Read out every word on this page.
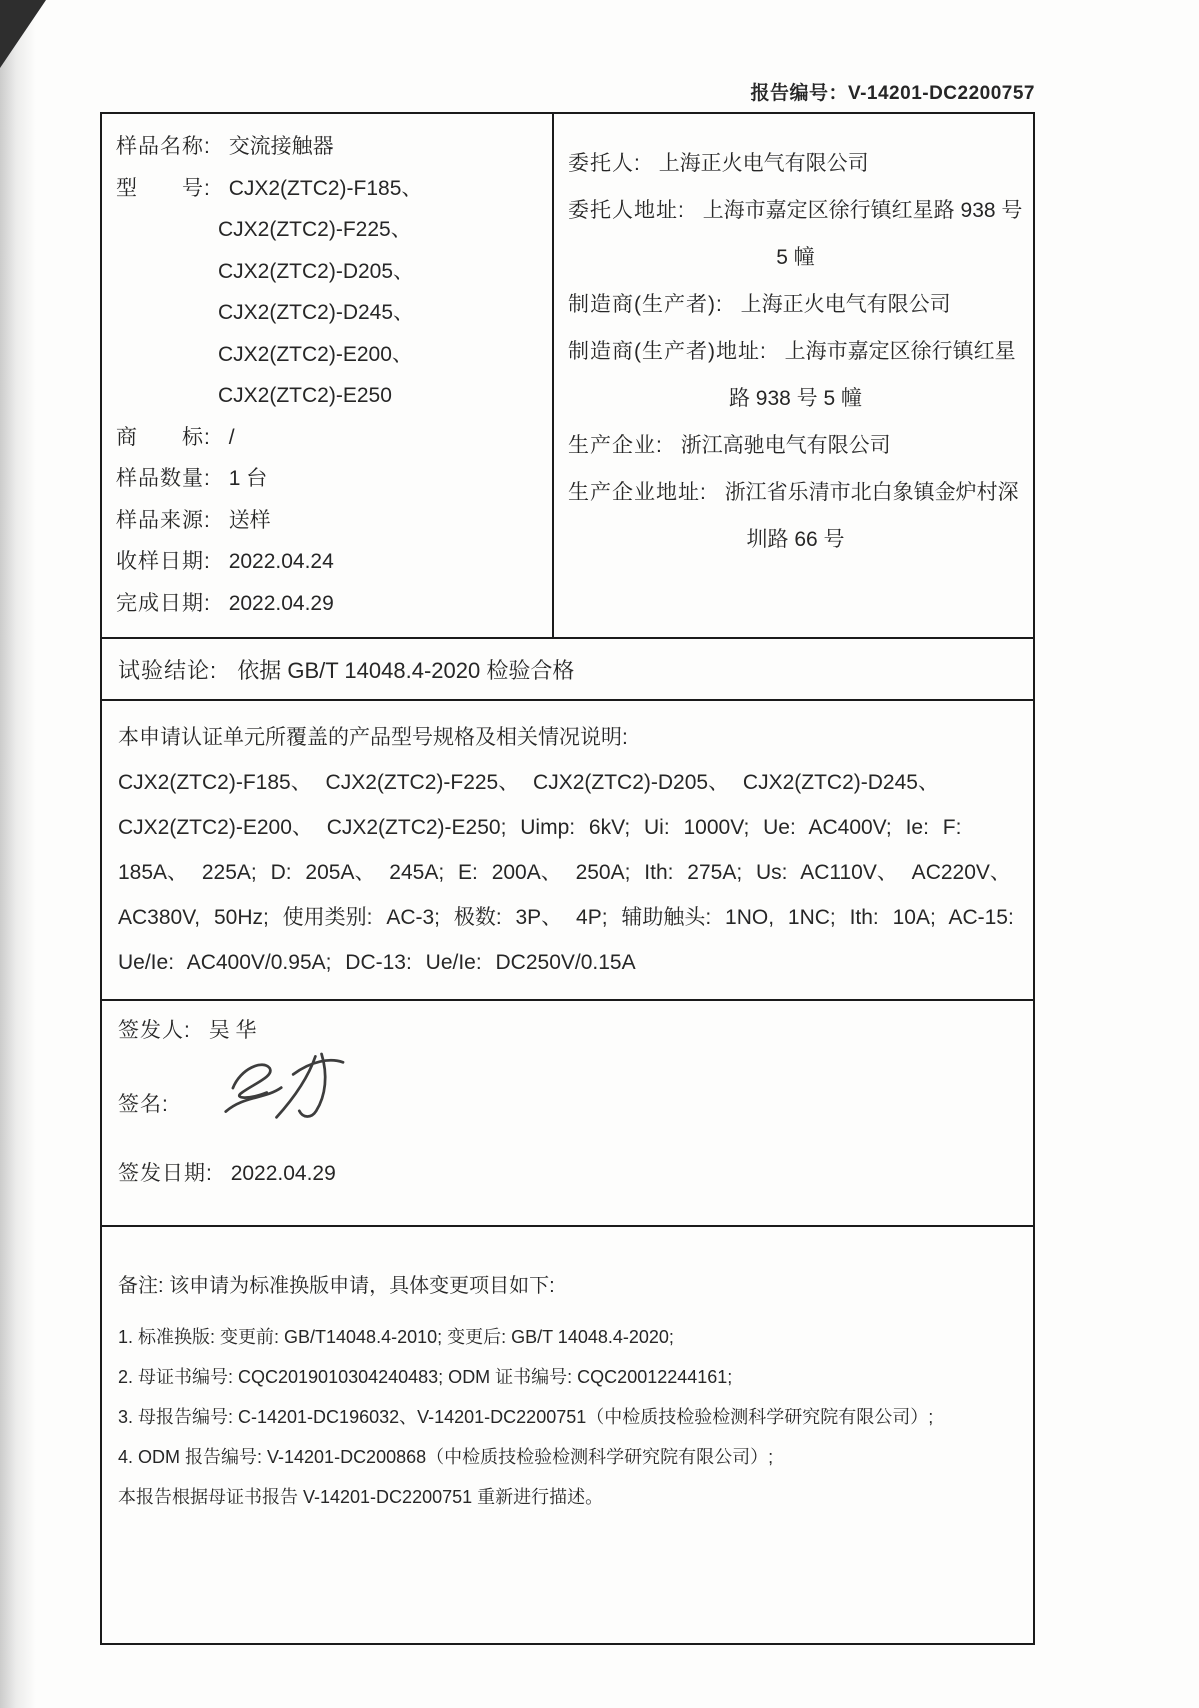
报告编号：V-14201-DC2200757
样品名称: 交流接触器
型　　号: CJX2(ZTC2)-F185、
CJX2(ZTC2)-F225、
CJX2(ZTC2)-D205、
CJX2(ZTC2)-D245、
CJX2(ZTC2)-E200、
CJX2(ZTC2)-E250
商　　标: /
样品数量: 1 台
样品来源: 送样
收样日期: 2022.04.24
完成日期: 2022.04.29
委托人: 上海正火电气有限公司
委托人地址: 上海市嘉定区徐行镇红星路 938 号
5 幢
制造商(生产者): 上海正火电气有限公司
制造商(生产者)地址: 上海市嘉定区徐行镇红星
路 938 号 5 幢
生产企业: 浙江高驰电气有限公司
生产企业地址: 浙江省乐清市北白象镇金炉村深
圳路 66 号
试验结论: 依据 GB/T 14048.4-2020 检验合格
本申请认证单元所覆盖的产品型号规格及相关情况说明:
CJX2(ZTC2)-F185、 CJX2(ZTC2)-F225、 CJX2(ZTC2)-D205、 CJX2(ZTC2)-D245、
CJX2(ZTC2)-E200、 CJX2(ZTC2)-E250; Uimp: 6kV; Ui: 1000V; Ue: AC400V; Ie: F:
185A、 225A; D: 205A、 245A; E: 200A、 250A; Ith: 275A; Us: AC110V、 AC220V、
AC380V, 50Hz; 使用类别: AC-3; 极数: 3P、 4P; 辅助触头: 1NO, 1NC; Ith: 10A; AC-15:
Ue/Ie: AC400V/0.95A; DC-13: Ue/Ie: DC250V/0.15A
签发人: 吴 华
签名:
签发日期: 2022.04.29
备注: 该申请为标准换版申请，具体变更项目如下:
1. 标准换版: 变更前: GB/T14048.4-2010; 变更后: GB/T 14048.4-2020;
2. 母证书编号: CQC2019010304240483; ODM 证书编号: CQC20012244161;
3. 母报告编号: C-14201-DC196032、V-14201-DC2200751（中检质技检验检测科学研究院有限公司）;
4. ODM 报告编号: V-14201-DC200868（中检质技检验检测科学研究院有限公司）;
本报告根据母证书报告 V-14201-DC2200751 重新进行描述。
